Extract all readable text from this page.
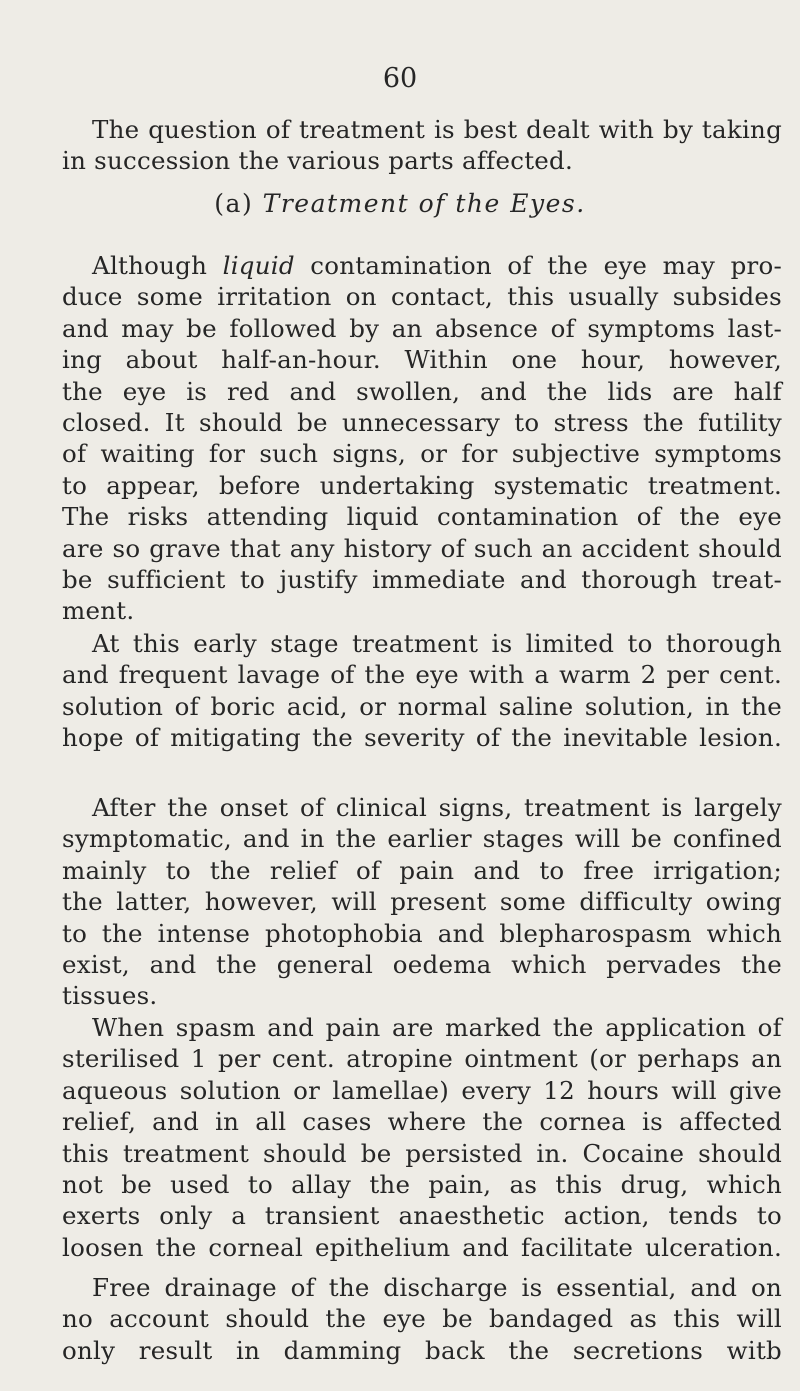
60
The question of treatment is best dealt with by taking
in succession the various parts affected.
(a) Treatment of the Eyes.
Although liquid contamination of the eye may pro-
duce some irritation on contact, this usually subsides
and may be followed by an absence of symptoms last-
ing about half-an-hour. Within one hour, however,
the eye is red and swollen, and the lids are half
closed. It should be unnecessary to stress the futility
of waiting for such signs, or for subjective symptoms
to appear, before undertaking systematic treatment.
The risks attending liquid contamination of the eye
are so grave that any history of such an accident should
be sufficient to justify immediate and thorough treat-
ment.
At this early stage treatment is limited to thorough
and frequent lavage of the eye with a warm 2 per cent.
solution of boric acid, or normal saline solution, in the
hope of mitigating the severity of the inevitable lesion.
After the onset of clinical signs, treatment is largely
symptomatic, and in the earlier stages will be confined
mainly to the relief of pain and to free irrigation;
the latter, however, will present some difficulty owing
to the intense photophobia and blepharospasm which
exist, and the general oedema which pervades the
tissues.
When spasm and pain are marked the application of
sterilised 1 per cent. atropine ointment (or perhaps an
aqueous solution or lamellae) every 12 hours will give
relief, and in all cases where the cornea is affected
this treatment should be persisted in. Cocaine should
not be used to allay the pain, as this drug, which
exerts only a transient anaesthetic action, tends to
loosen the corneal epithelium and facilitate ulceration.
Free drainage of the discharge is essential, and on
no account should the eye be bandaged as this will
only result in damming back the secretions witb
